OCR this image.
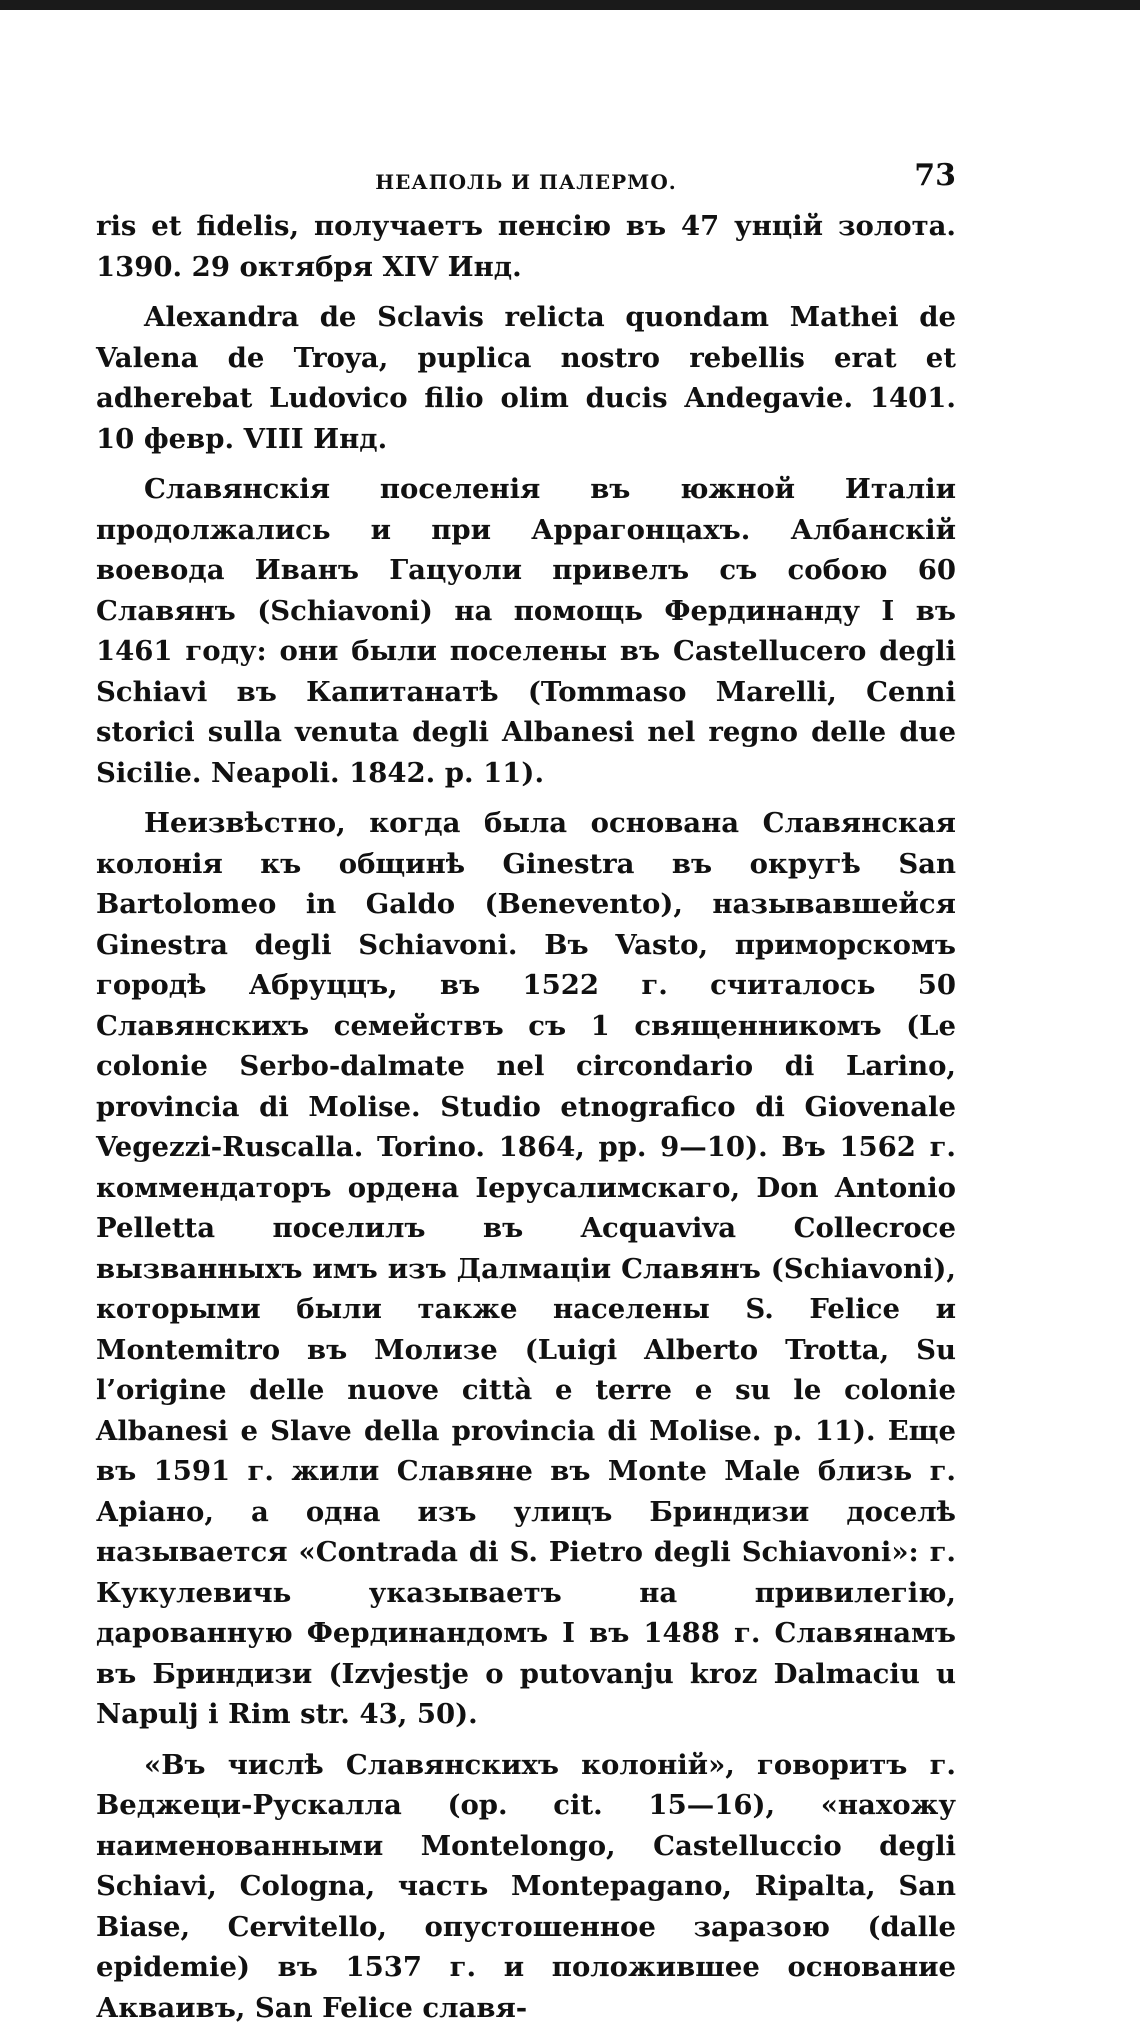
НЕАПОЛЬ И ПАЛЕРМО.	73

ris et fidelis, получаетъ пенсію въ 47 унцій золота. 1390. 29 октября XIV Инд.

Alexandra de Sclavis relicta quondam Mathei de Valena de Troya, puplica nostro rebellis erat et adherebat Ludovico filio olim ducis Andegavie. 1401. 10 февр. VIII Инд.

Славянскія поселенія въ южной Италіи продолжались и при Аррагонцахъ. Албанскій воевода Иванъ Гацуоли привелъ съ собою 60 Славянъ (Schiavoni) на помощь Фердинанду I въ 1461 году: они были поселены въ Castellucero degli Schiavi въ Капитанатѣ (Tommaso Marelli, Cenni storici sulla venuta degli Albanesi nel regno delle due Sicilie. Neapoli. 1842. p. 11).

Неизвѣстно, когда была основана Славянская колонія къ общинѣ Ginestra въ округѣ San Bartolomeo in Galdo (Benevento), называвшейся Ginestra degli Schiavoni. Въ Vasto, приморскомъ городѣ Абруццъ, въ 1522 г. считалось 50 Славянскихъ семействъ съ 1 священникомъ (Le colonie Serbo-dalmate nel circondario di Larino, provincia di Molise. Studio etnografico di Giovenale Vegezzi-Ruscalla. Torino. 1864, pp. 9—10). Въ 1562 г. коммендаторъ ордена Іерусалимскаго, Don Antonio Pelletta поселилъ въ Acquaviva Collecroce вызванныхъ имъ изъ Далмаціи Славянъ (Schiavoni), которыми были также населены S. Felice и Montemitro въ Молизе (Luigi Alberto Trotta, Su l’origine delle nuove città e terre e su le colonie Albanesi e Slave della provincia di Molise. p. 11). Еще въ 1591 г. жили Славяне въ Monte Male близь г. Аріано, а одна изъ улицъ Бриндизи доселѣ называется «Contrada di S. Pietro degli Schiavoni»: г. Кукулевичь указываетъ на привилегію, дарованную Фердинандомъ I въ 1488 г. Славянамъ въ Бриндизи (Izvjestje o putovanju kroz Dalmaciu u Napulj i Rim str. 43, 50).

«Въ числѣ Славянскихъ колоній», говоритъ г. Веджеци-Рускалла (op. cit. 15—16), «нахожу наименованными Montelongo, Castelluccio degli Schiavi, Cologna, часть Montepagano, Ripalta, San Biase, Cervitello, опустошенное заразою (dalle epidemie) въ 1537 г. и положившее основание Акваивъ, San Felice славя-
